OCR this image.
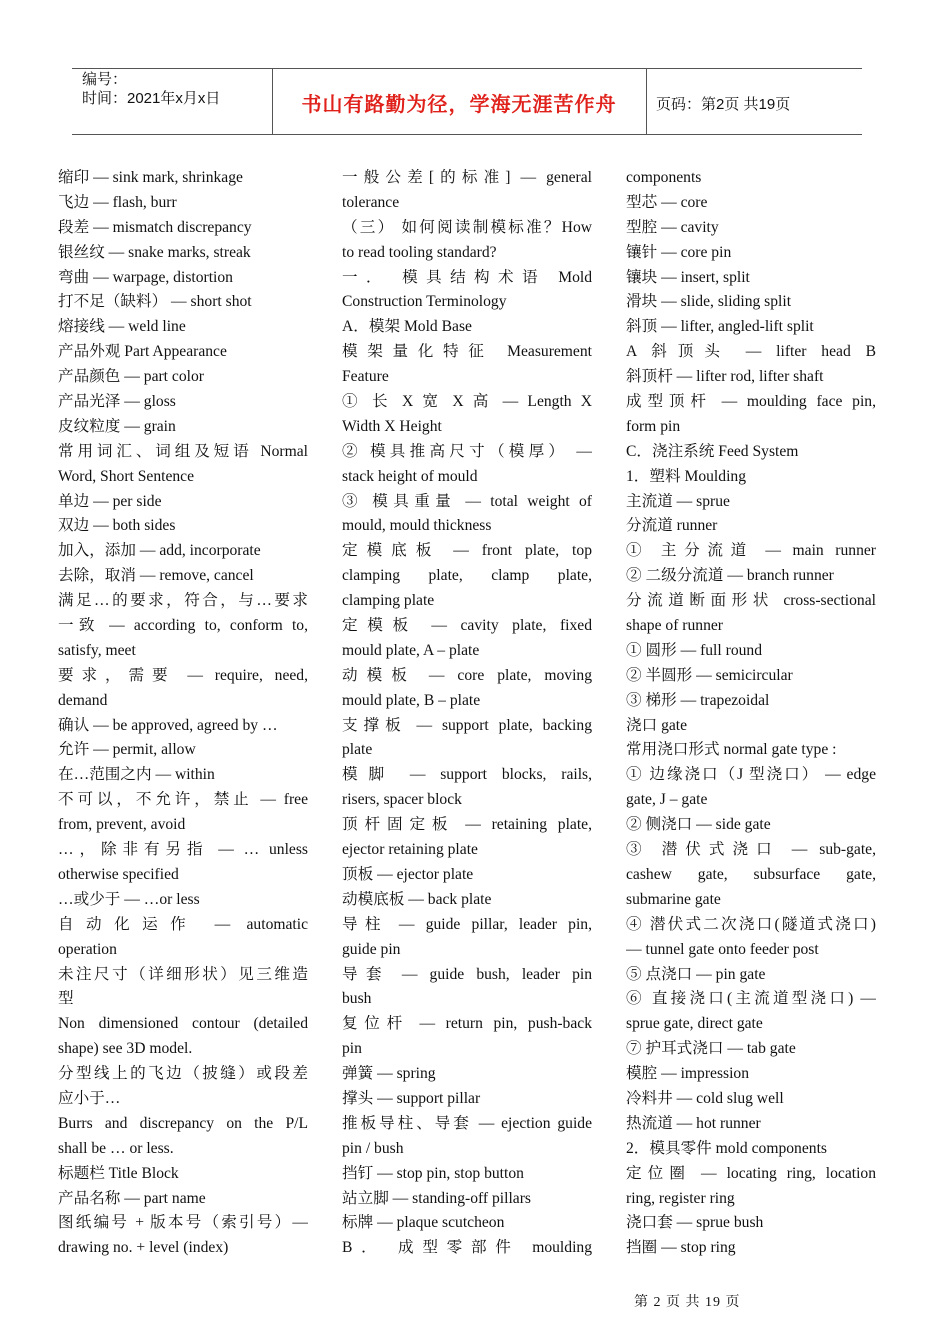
编号：
时间：2021年x月x日	书山有路勤为径，学海无涯苦作舟	页码：第2页 共19页
缩印 — sink mark, shrinkage
飞边 — flash, burr
段差 — mismatch discrepancy
银丝纹 — snake marks, streak
弯曲 — warpage, distortion
打不足（缺料） — short shot
熔接线 — weld line
产品外观 Part Appearance
产品颜色 — part color
产品光泽 — gloss
皮纹粒度 — grain
常用词汇、词组及短语 Normal
Word, Short Sentence
单边 — per side
双边 — both sides
加入，添加 — add, incorporate
去除，取消 — remove, cancel
满足…的要求，符合，与…要求
一致 — according to, conform to,
satisfy, meet
要求，需要 — require, need,
demand
确认 — be approved, agreed by …
允许 — permit, allow
在…范围之内 — within
不可以，不允许，禁止 — free
from, prevent, avoid
…，除非有另指 — … unless
otherwise specified
…或少于 — …or less
自动化运作 — automatic
operation
未注尺寸（详细形状）见三维造
型
Non dimensioned contour (detailed
shape) see 3D model.
分型线上的飞边（披缝）或段差
应小于…
Burrs and discrepancy on the P/L
shall be … or less.
标题栏 Title Block
产品名称 — part name
图纸编号 + 版本号（索引号）—
drawing no. + level (index)
一般公差[的标准] — general
tolerance
（三） 如何阅读制模标准？How
to read tooling standard?
一． 模具结构术语 Mold
Construction Terminology
A．模架 Mold Base
模架量化特征 Measurement
Feature
① 长 X 宽 X 高 — Length X
Width X Height
② 模具推高尺寸（模厚） —
stack height of mould
③ 模具重量 — total weight of
mould, mould thickness
定模底板 — front plate, top
clamping plate, clamp plate,
clamping plate
定模板 — cavity plate, fixed
mould plate, A – plate
动模板 — core plate, moving
mould plate, B – plate
支撑板 — support plate, backing
plate
模脚 — support blocks, rails,
risers, spacer block
顶杆固定板 — retaining plate,
ejector retaining plate
顶板 — ejector plate
动模底板 — back plate
导柱 — guide pillar, leader pin,
guide pin
导套 — guide bush, leader pin
bush
复位杆 — return pin, push-back
pin
弹簧 — spring
撑头 — support pillar
推板导柱、导套 — ejection guide
pin / bush
挡钉 — stop pin, stop button
站立脚 — standing-off pillars
标牌 — plaque scutcheon
B． 成型零部件 moulding
components
型芯 — core
型腔 — cavity
镶针 — core pin
镶块 — insert, split
滑块 — slide, sliding split
斜顶 — lifter, angled-lift split
A 斜顶头 — lifter head B
斜顶杆 — lifter rod, lifter shaft
成型顶杆 — moulding face pin,
form pin
C．浇注系统 Feed System
1．塑料 Moulding
主流道 — sprue
分流道 runner
① 主分流道 — main runner
② 二级分流道 — branch runner
分流道断面形状 cross-sectional
shape of runner
① 圆形 — full round
② 半圆形 — semicircular
③ 梯形 — trapezoidal
浇口 gate
常用浇口形式 normal gate type :
① 边缘浇口（J 型浇口） — edge
gate, J – gate
② 侧浇口 — side gate
③ 潜伏式浇口 — sub-gate,
cashew gate, subsurface gate,
submarine gate
④ 潜伏式二次浇口(隧道式浇口)
— tunnel gate onto feeder post
⑤ 点浇口 — pin gate
⑥ 直接浇口(主流道型浇口) —
sprue gate, direct gate
⑦ 护耳式浇口 — tab gate
模腔 — impression
冷料井 — cold slug well
热流道 — hot runner
2．模具零件 mold components
定位圈 — locating ring, location
ring, register ring
浇口套 — sprue bush
挡圈 — stop ring
第 2 页 共 19 页
